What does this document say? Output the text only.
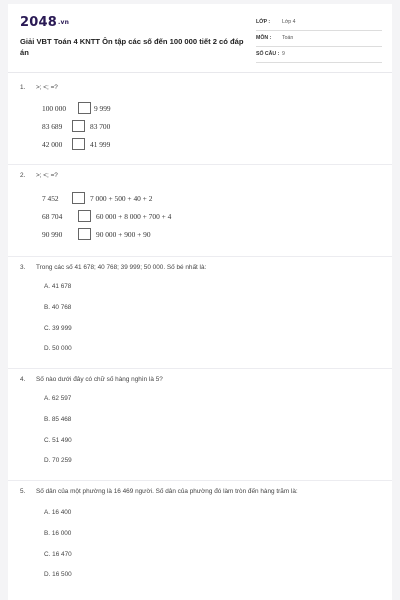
2048.vn
Giải VBT Toán 4 KNTT Ôn tập các số đến 100 000 tiết 2 có đáp án
LỚP : Lớp 4
MÔN : Toán
SỐ CÂU : 9
1. >; <; =?
100 000	9 999
83 689	83 700
42 000	41 999
2. >; <; =?
7 452	7 000 + 500 + 40 + 2
68 704	60 000 + 8 000 + 700 + 4
90 990	90 000 + 900 + 90
3. Trong các số 41 678; 40 768; 39 999; 50 000. Số bé nhất là:
A. 41 678
B. 40 768
C. 39 999
D. 50 000
4. Số nào dưới đây có chữ số hàng nghìn là 5?
A. 62 597
B. 85 468
C. 51 490
D. 70 259
5. Số dân của một phường là 16 469 người. Số dân của phường đó làm tròn đến hàng trăm là:
A. 16 400
B. 16 000
C. 16 470
D. 16 500
